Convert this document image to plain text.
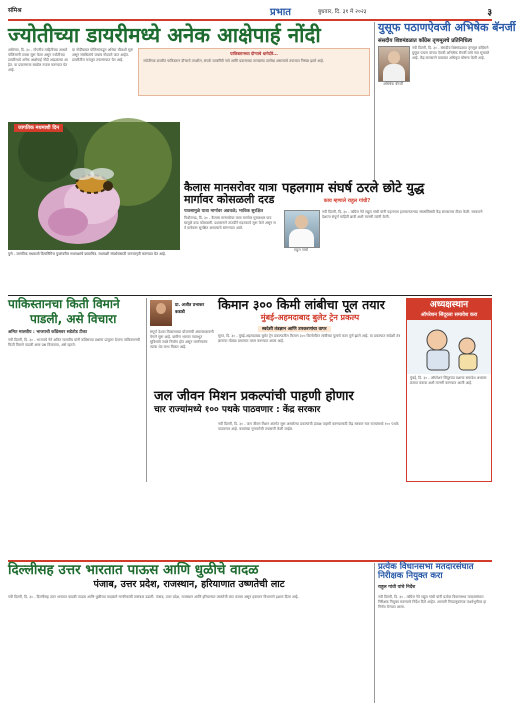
संमिश्र	प्रभात	बुधवार, दि. ३१ मे २०२३	३
ज्योतीच्या डायरीमध्ये अनेक आक्षेपार्ह नोंदी
आंबेगाव, दि. ३० - गोपनीय माहितीच्या आधारे पोलिसांनी तपास सुरू केला असून ज्योतीच्या डायरीमध्ये अनेक आक्षेपार्ह नोंदी आढळल्या आहेत. या प्रकरणाचा सखोल तपास करण्यात येत आहे.
या नोंदींबाबत पोलिसांकडून अधिक चौकशी सुरू असून संबंधितांचे जबाब नोंदवले जात आहेत. डायरीतील मजकूर तपासण्यात येत आहे.
पाकिस्तानच्या दौऱ्याचे धागेदोरे...
ज्योतीच्या डायरीत पाकिस्तान दौऱ्याचे तपशील, संपर्क व्यक्तींची नावे आणि प्रवासाच्या तारखांचा उल्लेख असल्याचे तपासात निष्पन्न झाले आहे.
युसूफ पठाणऐवजी अभिषेक बॅनर्जी
संसदीय शिष्टमंडळात काँग्रेस तृणमूलचे प्रतिनिधित्व
अभिषेक बॅनर्जी
नवी दिल्ली, दि. ३० - संसदीय शिष्टमंडळात तृणमूल काँग्रेसने युसूफ पठाण यांच्या ऐवजी अभिषेक बॅनर्जी यांचे नाव सुचवले आहे. केंद्र सरकारने याबाबत अधिकृत घोषणा केली आहे.
जागतिक मधमाशी दिन
पुणे - जागतिक मधमाशी दिनानिमित्त फुलांवरील मधमाशांचे छायाचित्र. मधमाशी संवर्धनासाठी जनजागृती करण्यात येत आहे.
कैलास मानसरोवर यात्रा
मार्गावर कोसळली दरड
पावसामुळे यात्रा मार्गावर अडथळे; भाविक सुरक्षित
पिथौरागढ, दि. ३० - कैलास मानसरोवर यात्रा मार्गावर मुसळधार पावसामुळे दरड कोसळली. प्रशासनाने तातडीने मदतकार्य सुरू केले असून सर्व यात्रेकरू सुरक्षित असल्याचे सांगण्यात आले.
पहलगाम संघर्ष ठरले छोटे युद्ध
काय म्हणाले राहुल गांधी?
राहुल गांधी
नवी दिल्ली, दि. ३० - काँग्रेस नेते राहुल गांधी यांनी पहलगाम हल्ल्यानंतरच्या संघर्षाविषयी केंद्र सरकारवर टीका केली. सरकारने देशाला संपूर्ण माहिती द्यावी अशी मागणी त्यांनी केली.
पाकिस्तानचा किती विमाने
पाडली, असे विचारा
अमित मालवीय : भाजपची काँग्रेसवर सडेतोड टीका
नवी दिल्ली, दि. ३० - भाजपचे नेते अमित मालवीय यांनी काँग्रेसच्या प्रश्नांना प्रत्युत्तर देताना पाकिस्तानची किती विमाने पाडली असा प्रश्न विचारावा, असे म्हटले.
प्रा. अजीत प्रभाकर
कडाडी
संपूर्ण देशात विकासाच्या योजनांची अंमलबजावणी वेगाने सुरू आहे. ग्रामीण भागात पायाभूत सुविधांचे जाळे निर्माण होत असून नागरिकांना त्याचा थेट लाभ मिळत आहे.
किमान ३०० किमी लांबीचा पूल तयार
मुंबई-अहमदाबाद बुलेट ट्रेन प्रकल्प
स्वदेशी तंत्रज्ञान आणि उपकरणांचा वापर
सुरत, दि. ३० - मुंबई-अहमदाबाद बुलेट ट्रेन प्रकल्पातील किमान ३०० किलोमीटर लांबीच्या पुलाचे काम पूर्ण झाले आहे. या प्रकल्पात स्वदेशी तंत्रज्ञानाचा मोठ्या प्रमाणात वापर करण्यात आला आहे.
अध्यक्षस्थान
ऑपरेशन सिंदूरला समावेश करा
मुंबई, दि. ३० - ऑपरेशन सिंदूरच्या यशाचा समावेश अभ्यासक्रमात करावा अशी मागणी करण्यात आली आहे.
जल जीवन मिशन प्रकल्पांची पाहणी होणार
चार राज्यांमध्ये १०० पथके पाठवणार : केंद्र सरकार
नवी दिल्ली, दि. ३० - जल जीवन मिशन अंतर्गत सुरू असलेल्या प्रकल्पांची प्रत्यक्ष पाहणी करण्यासाठी केंद्र सरकार चार राज्यांमध्ये १०० पथके पाठवणार आहे. कामांच्या गुणवत्तेची तपासणी केली जाईल.
दिल्लीसह उत्तर भारतात पाऊस आणि धुळीचे वादळ
पंजाब, उत्तर प्रदेश, राजस्थान, हरियाणात उष्णतेची लाट
नवी दिल्ली, दि. ३० - दिल्लीसह उत्तर भारतात वादळी पाऊस आणि धुळीच्या वादळाने नागरिकांची तारांबळ उडाली. पंजाब, उत्तर प्रदेश, राजस्थान आणि हरियाणात उष्णतेची लाट कायम असून हवामान विभागाने इशारा दिला आहे.
प्रत्येक विधानसभा मतदारसंघात
निरीक्षक नियुक्त करा
राहुल गांधी यांचे निर्देश
नवी दिल्ली, दि. ३० - काँग्रेस नेते राहुल गांधी यांनी प्रत्येक विधानसभा मतदारसंघात निरीक्षक नियुक्त करण्याचे निर्देश दिले आहेत. आगामी निवडणुकांच्या पार्श्वभूमीवर हा निर्णय घेण्यात आला.
